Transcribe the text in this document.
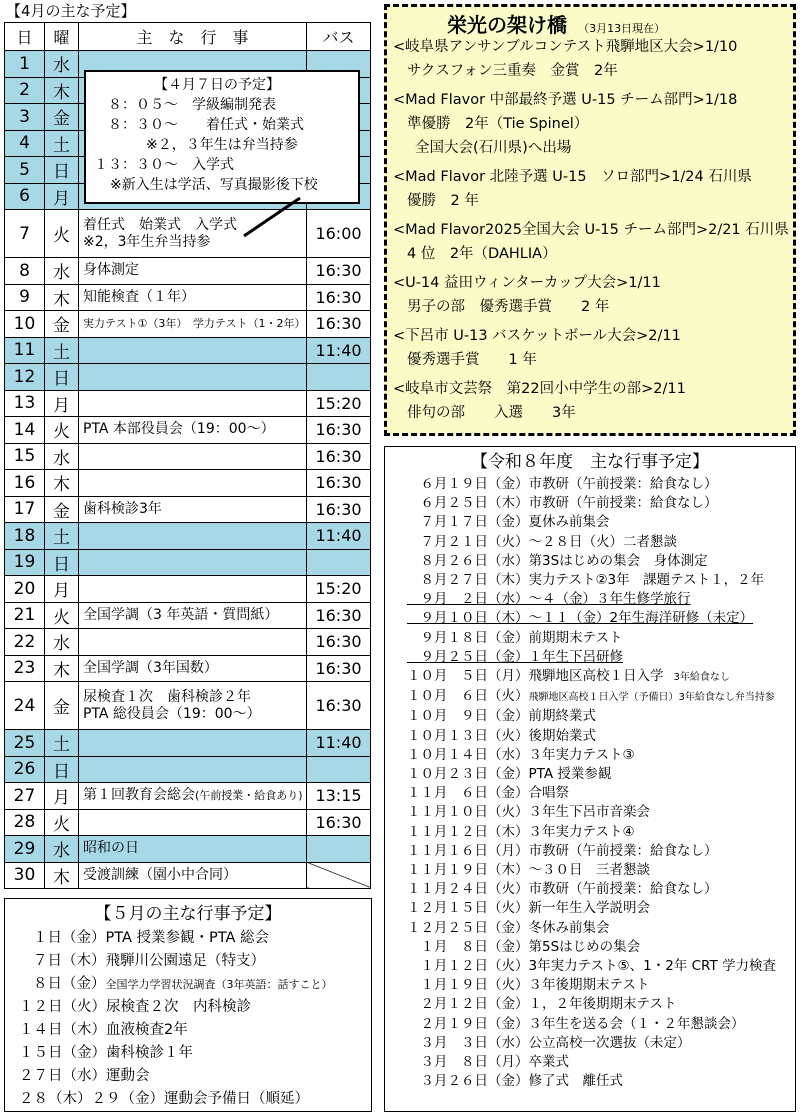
【4月の主な予定】
日	曜	主　な　行　事	バス
1	水		
2	木		
3	金		
4	土		
5	日		
6	月		
7	火	着任式　始業式　入学式
※2，3年生弁当持参	16:00
8	水	身体測定	16:30
9	木	知能検査（１年）	16:30
10	金	実力テスト①（3年）　学力テスト（1・2年）	16:30
11	土		11:40
12	日		
13	月		15:20
14	火	PTA 本部役員会（19：00～）	16:30
15	水		16:30
16	木		16:30
17	金	歯科検診3年	16:30
18	土		11:40
19	日		
20	月		15:20
21	火	全国学調（3 年英語・質問紙）	16:30
22	水		16:30
23	木	全国学調（3年国数）	16:30
24	金	尿検査１次　歯科検診２年
PTA 総役員会（19：00～）	16:30
25	土		11:40
26	日		
27	月	第１回教育会総会(午前授業・給食あり)	13:15
28	火		16:30
29	水	昭和の日	

30	木	受渡訓練（園小中合同）	

【４月７日の予定】
８：０５～　学級編制発表
８：３０～　　着任式・始業式
※２，３年生は弁当持参
１３：３０～　入学式
※新入生は学活、写真撮影後下校
栄光の架け橋 （3月13日現在）
<岐阜県アンサンブルコンテスト飛騨地区大会>1/10
サクスフォン三重奏　金賞　2年
<Mad Flavor 中部最終予選 U-15 チーム部門>1/18
準優勝　2年（Tie Spinel）
全国大会(石川県)へ出場
<Mad Flavor 北陸予選 U-15　ソロ部門>1/24 石川県
優勝　2 年
<Mad Flavor2025全国大会 U-15 チーム部門>2/21 石川県
4 位　2年（DAHLIA）
<U-14 益田ウィンターカップ大会>1/11
男子の部　優秀選手賞　　2 年
<下呂市 U-13 バスケットボール大会>2/11
優秀選手賞　　1 年
<岐阜市文芸祭　第22回小中学生の部>2/11
俳句の部　　入選　　3年
【令和８年度　主な行事予定】
　６月１９日（金）市教研（午前授業：給食なし）
　６月２５日（木）市教研（午前授業：給食なし）
　７月１７日（金）夏休み前集会
　７月２１日（火）～２８日（火）二者懇談
　８月２６日（水）第3Sはじめの集会　身体測定
　８月２７日（木）実力テスト②3年　課題テスト１，２年
　９月　２日（水）～４（金）３年生修学旅行
　９月１０日（木）～１１（金）2年生海洋研修（未定）
　９月１８日（金）前期期末テスト
　９月２５日（金）１年生下呂研修
１０月　５日（月）飛騨地区高校１日入学　3年給食なし
１０月　６日（火）飛騨地区高校１日入学（予備日）3年給食なし弁当持参
１０月　９日（金）前期終業式
１０月１３日（火）後期始業式
１０月１４日（水）３年実力テスト③
１０月２３日（金）PTA 授業参観
１１月　６日（金）合唱祭
１１月１０日（火）３年生下呂市音楽会
１１月１２日（木）３年実力テスト④
１１月１６日（月）市教研（午前授業：給食なし）
１１月１９日（木）～３０日　三者懇談
１１月２４日（火）市教研（午前授業：給食なし）
１２月１５日（火）新一年生入学説明会
１２月２５日（金）冬休み前集会
　１月　８日（金）第5Sはじめの集会
　１月１２日（火）3年実力テスト⑤、1・2年 CRT 学力検査
　１月１９日（火）３年後期期末テスト
　２月１２日（金）１，２年後期期末テスト
　２月１９日（金）３年生を送る会（１・２年懇談会）
　３月　３日（水）公立高校一次選抜（未定）
　３月　８日（月）卒業式
　３月２６日（金）修了式　離任式
【５月の主な行事予定】
１日（金）PTA 授業参観・PTA 総会
７日（木）飛騨川公園遠足（特支）
８日（金）全国学力学習状況調査（3年英語：話すこと）
１２日（火）尿検査２次　内科検診
１４日（木）血液検査2年
１５日（金）歯科検診１年
２７日（水）運動会
２８（木）２９（金）運動会予備日（順延）
